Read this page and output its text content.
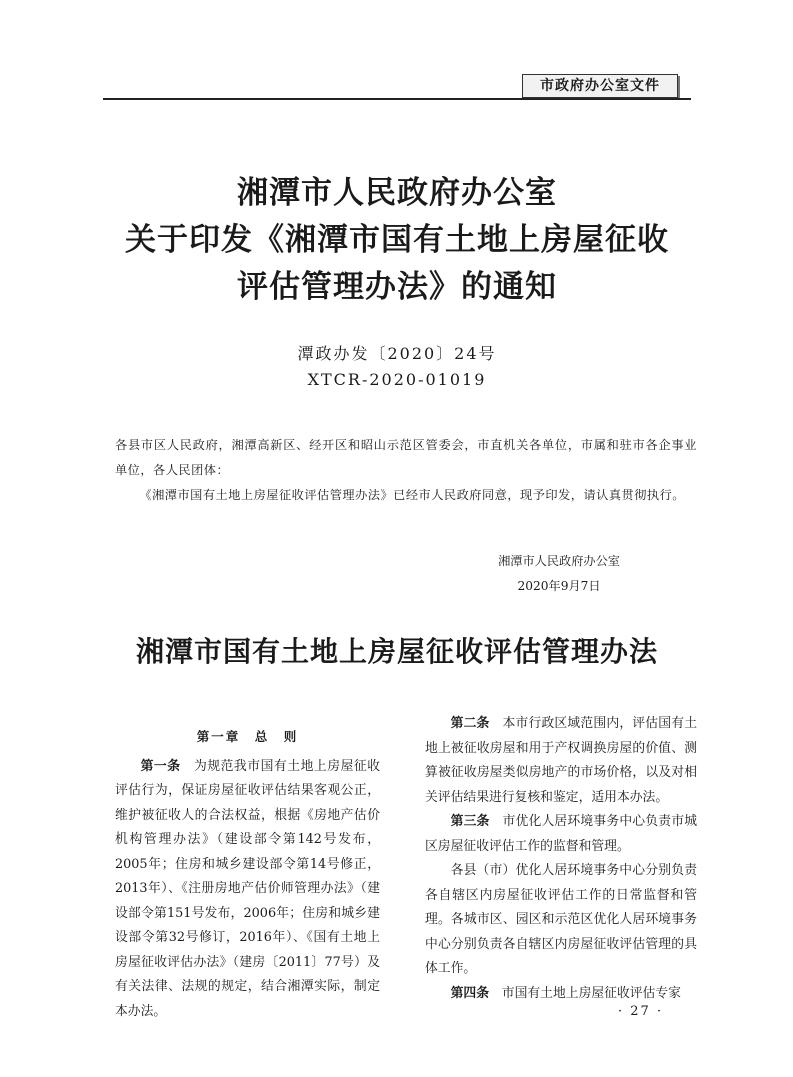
市政府办公室文件
湘潭市人民政府办公室
关于印发《湘潭市国有土地上房屋征收
评估管理办法》的通知
潭政办发〔2020〕24号
XTCR-2020-01019

各县市区人民政府，湘潭高新区、经开区和昭山示范区管委会，市直机关各单位，市属和驻市各企事业单位，各人民团体：

《湘潭市国有土地上房屋征收评估管理办法》已经市人民政府同意，现予印发，请认真贯彻执行。

湘潭市人民政府办公室
2020年9月7日
湘潭市国有土地上房屋征收评估管理办法
第一章　总　则

第一条　 为规范我市国有土地上房屋征收评估行为，保证房屋征收评估结果客观公正，维护被征收人的合法权益，根据《房地产估价机构管理办法》（建设部令第142号发布，2005年；住房和城乡建设部令第14号修正，2013年）、《注册房地产估价师管理办法》（建设部令第151号发布，2006年；住房和城乡建设部令第32号修订，2016年）、《国有土地上房屋征收评估办法》（建房〔2011〕77号）及有关法律、法规的规定，结合湘潭实际，制定本办法。

第二条　 本市行政区域范围内，评估国有土地上被征收房屋和用于产权调换房屋的价值、测算被征收房屋类似房地产的市场价格，以及对相关评估结果进行复核和鉴定，适用本办法。

第三条　 市优化人居环境事务中心负责市城区房屋征收评估工作的监督和管理。

各县（市）优化人居环境事务中心分别负责各自辖区内房屋征收评估工作的日常监督和管理。各城市区、园区和示范区优化人居环境事务中心分别负责各自辖区内房屋征收评估管理的具体工作。

第四条　 市国有土地上房屋征收评估专家

· 27 ·
